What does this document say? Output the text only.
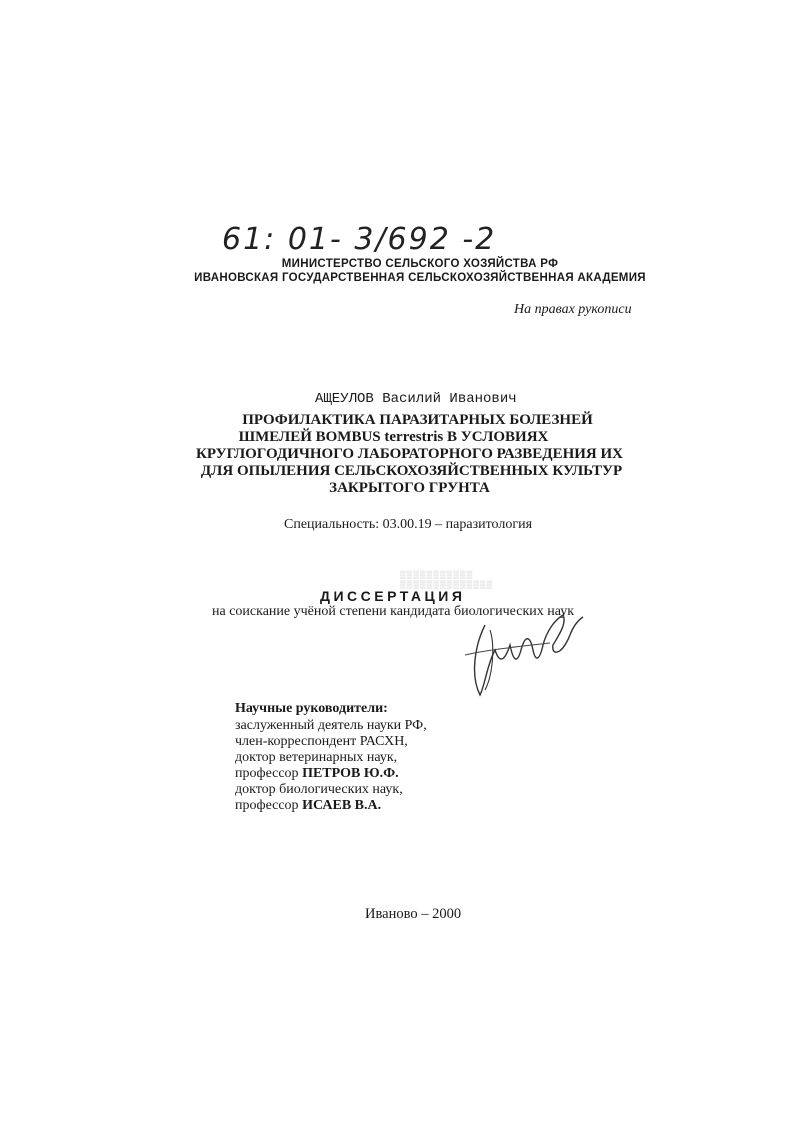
61: 01- 3/692 -2
МИНИСТЕРСТВО СЕЛЬСКОГО ХОЗЯЙСТВА РФ
ИВАНОВСКАЯ ГОСУДАРСТВЕННАЯ СЕЛЬСКОХОЗЯЙСТВЕННАЯ АКАДЕМИЯ
На правах рукописи
АЩЕУЛОВ Василий Иванович
ПРОФИЛАКТИКА ПАРАЗИТАРНЫХ БОЛЕЗНЕЙ
ШМЕЛЕЙ BOMBUS terrestris В УСЛОВИЯХ
КРУГЛОГОДИЧНОГО ЛАБОРАТОРНОГО РАЗВЕДЕНИЯ ИХ
ДЛЯ ОПЫЛЕНИЯ СЕЛЬСКОХОЗЯЙСТВЕННЫХ КУЛЬТУР
ЗАКРЫТОГО ГРУНТА
Специальность: 03.00.19 – паразитология
▒▒▒▒▒▒▒▒▒▒▒
▒▒▒▒▒▒▒▒▒▒▒▒▒▒
ДИССЕРТАЦИЯ
на соискание учёной степени кандидата биологических наук
Научные руководители:
заслуженный деятель науки РФ,
член-корреспондент РАСХН,
доктор ветеринарных наук,
профессор ПЕТРОВ Ю.Ф.
доктор биологических наук,
профессор ИСАЕВ В.А.
Иваново – 2000
